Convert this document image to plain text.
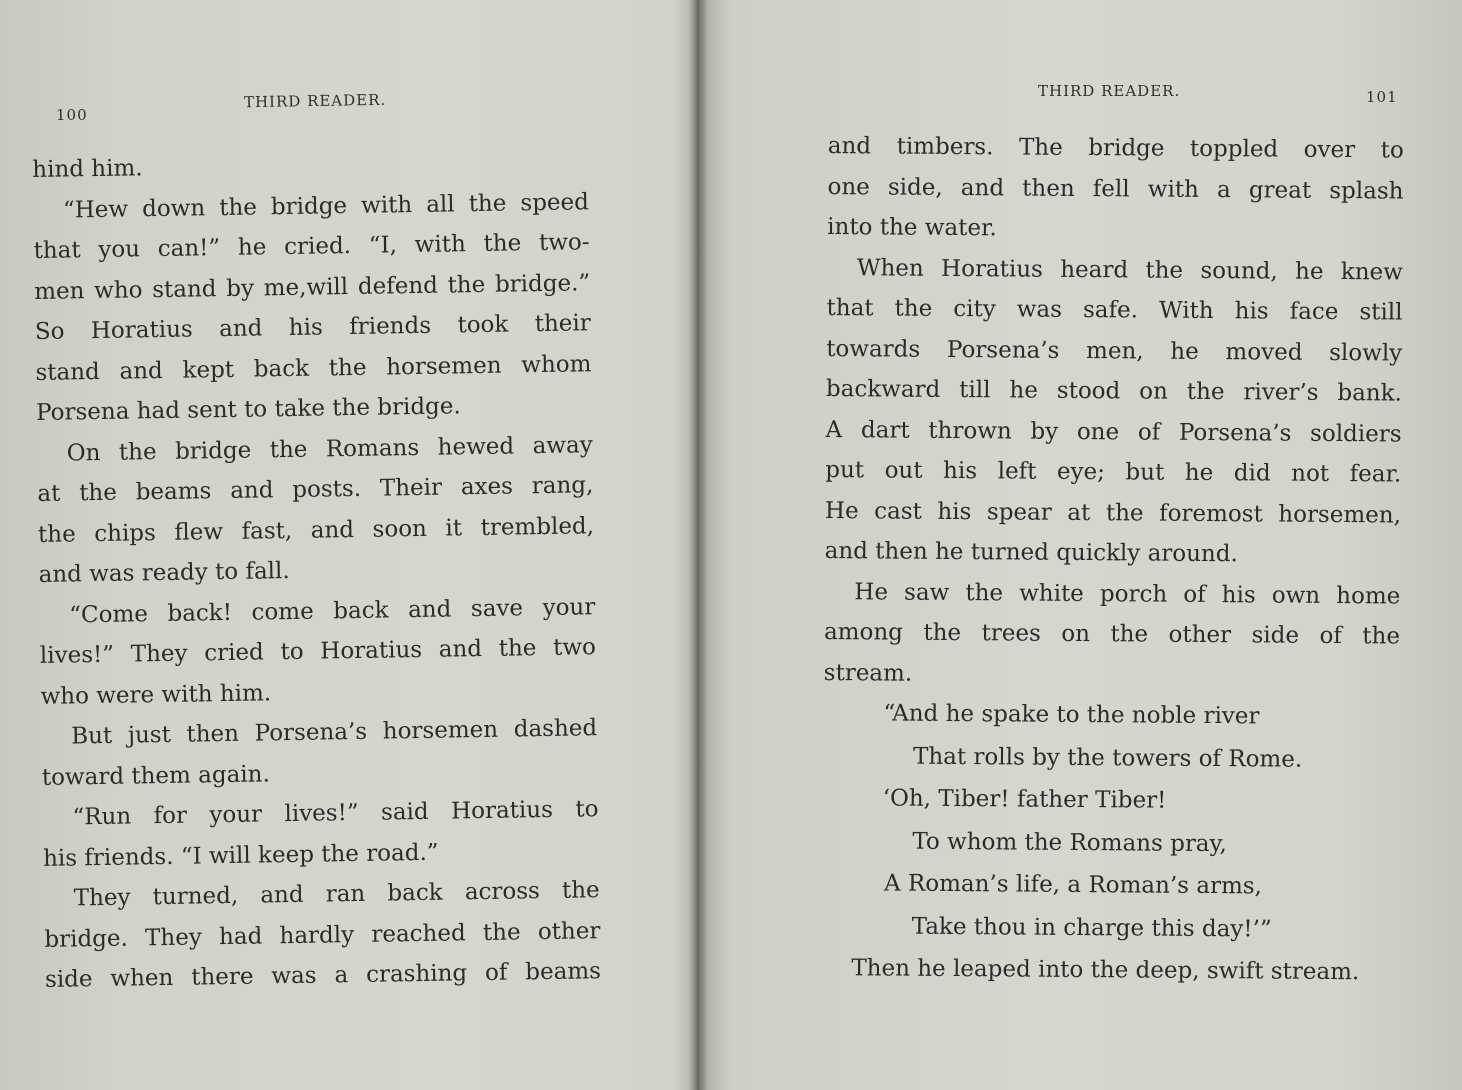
100
THIRD READER.
hind him.
“Hew down the bridge with all the speed
that you can!” he cried. “I, with the two-
men who stand by me,will defend the bridge.”
So Horatius and his friends took their
stand and kept back the horsemen whom
Porsena had sent to take the bridge.
On the bridge the Romans hewed away
at the beams and posts. Their axes rang,
the chips flew fast, and soon it trembled,
and was ready to fall.
“Come back! come back and save your
lives!” They cried to Horatius and the two
who were with him.
But just then Porsena’s horsemen dashed
toward them again.
“Run for your lives!” said Horatius to
his friends. “I will keep the road.”
They turned, and ran back across the
bridge. They had hardly reached the other
side when there was a crashing of beams
THIRD READER.	101
and timbers. The bridge toppled over to
one side, and then fell with a great splash
into the water.
When Horatius heard the sound, he knew
that the city was safe. With his face still
towards Porsena’s men, he moved slowly
backward till he stood on the river’s bank.
A dart thrown by one of Porsena’s soldiers
put out his left eye; but he did not fear.
He cast his spear at the foremost horsemen,
and then he turned quickly around.
He saw the white porch of his own home
among the trees on the other side of the
stream.
“And he spake to the noble river
That rolls by the towers of Rome.
‘Oh, Tiber! father Tiber!
To whom the Romans pray,
A Roman’s life, a Roman’s arms,
Take thou in charge this day!’”
Then he leaped into the deep, swift stream.
